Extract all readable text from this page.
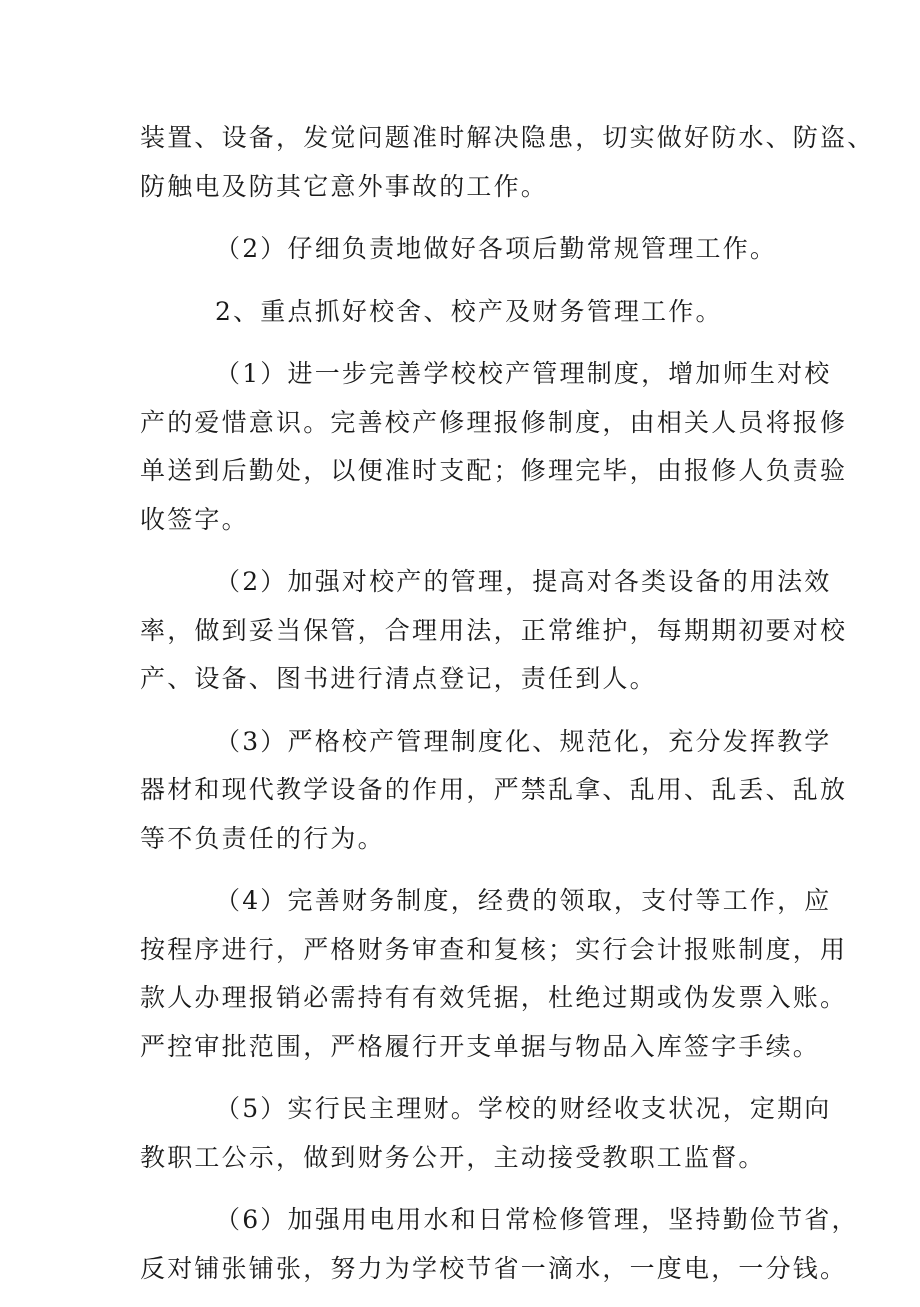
装置、设备，发觉问题准时解决隐患，切实做好防水、防盗、
防触电及防其它意外事故的工作。
（2）仔细负责地做好各项后勤常规管理工作。
2、重点抓好校舍、校产及财务管理工作。
（1）进一步完善学校校产管理制度，增加师生对校
产的爱惜意识。完善校产修理报修制度，由相关人员将报修
单送到后勤处，以便准时支配；修理完毕，由报修人负责验
收签字。
（2）加强对校产的管理，提高对各类设备的用法效
率，做到妥当保管，合理用法，正常维护，每期期初要对校
产、设备、图书进行清点登记，责任到人。
（3）严格校产管理制度化、规范化，充分发挥教学
器材和现代教学设备的作用，严禁乱拿、乱用、乱丢、乱放
等不负责任的行为。
（4）完善财务制度，经费的领取，支付等工作，应
按程序进行，严格财务审查和复核；实行会计报账制度，用
款人办理报销必需持有有效凭据，杜绝过期或伪发票入账。
严控审批范围，严格履行开支单据与物品入库签字手续。
（5）实行民主理财。学校的财经收支状况，定期向
教职工公示，做到财务公开，主动接受教职工监督。
（6）加强用电用水和日常检修管理，坚持勤俭节省，
反对铺张铺张，努力为学校节省一滴水，一度电，一分钱。
